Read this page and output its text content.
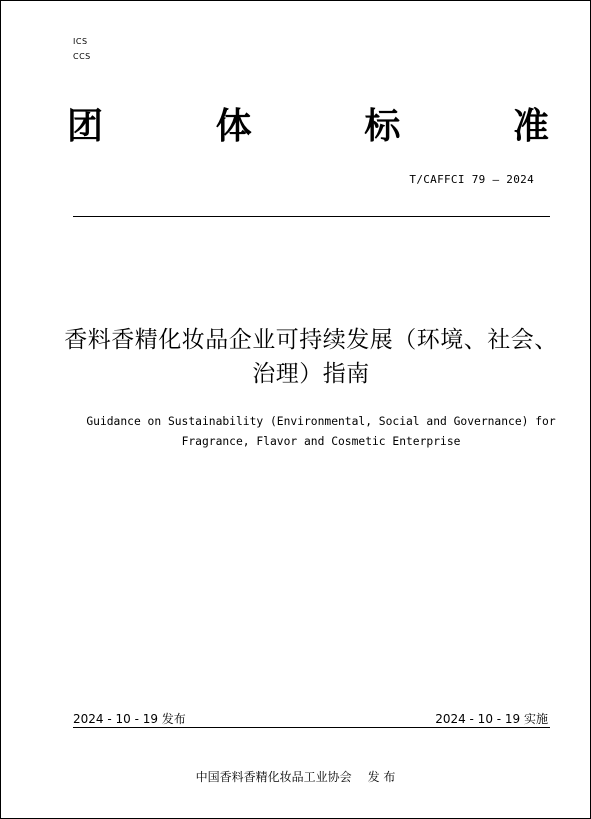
ICS
CCS
团	体	标	准
T/CAFFCI 79 — 2024
香料香精化妆品企业可持续发展（环境、社会、
治理）指南
Guidance on Sustainability (Environmental, Social and Governance) for
Fragrance, Flavor and Cosmetic Enterprise
2024 - 10 - 19 发布	2024 - 10 - 19 实施
中国香料香精化妆品工业协会 发 布
